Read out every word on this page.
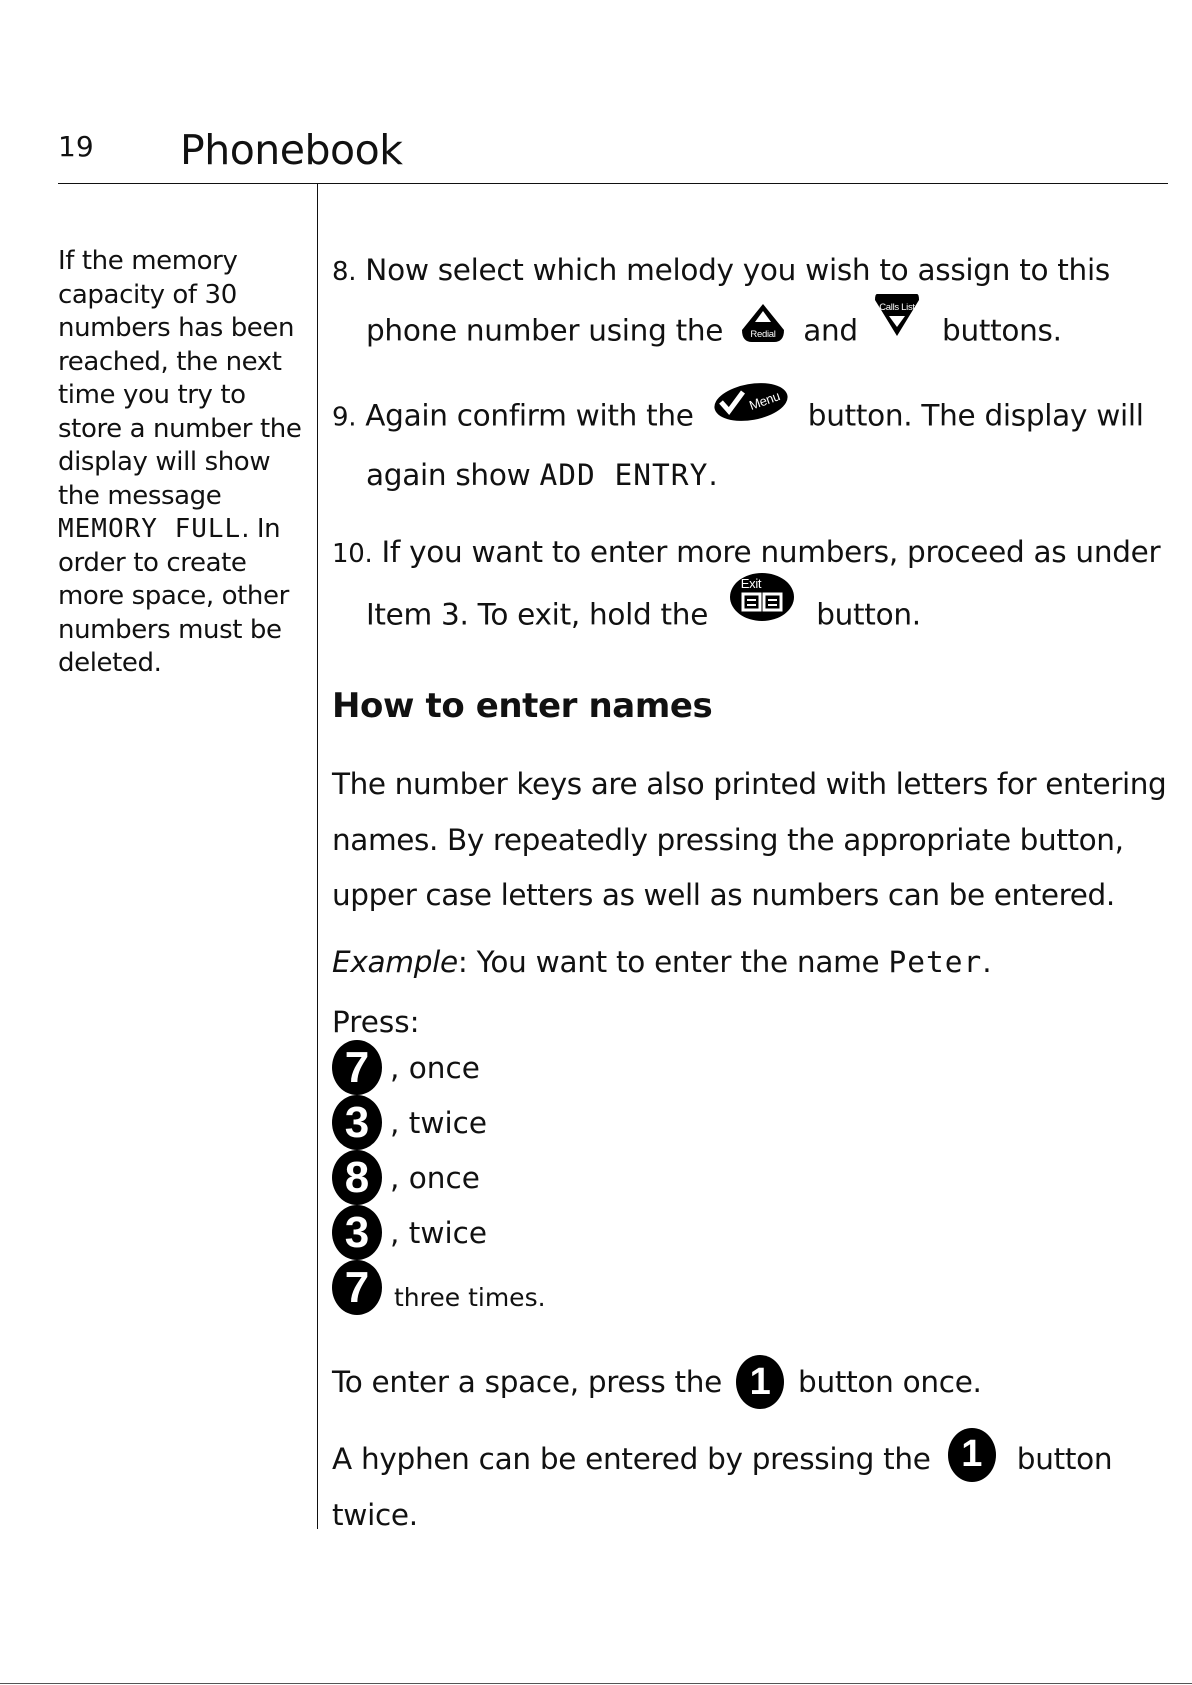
19 Phonebook
If the memory capacity of 30 numbers has been reached, the next time you try to store a number the display will show the message MEMORY FULL. In order to create more space, other numbers must be deleted.

8. Now select which melody you wish to assign to this
phone number using the	Redial and
Calls List
buttons.

9. Again confirm with the	Menu button. The display will
again show ADD ENTRY.

10. If you want to enter more numbers, proceed as under
Item 3. To exit, hold the
Exit
button.

How to enter names
The number keys are also printed with letters for entering names. By repeatedly pressing the appropriate button, upper case letters as well as numbers can be entered.
Example: You want to enter the name Peter.
Press:
7 , once
3 , twice
8 , once
3 , twice
7 three times.
To enter a space, press the 1 button once.
A hyphen can be entered by pressing the 1 button twice.
